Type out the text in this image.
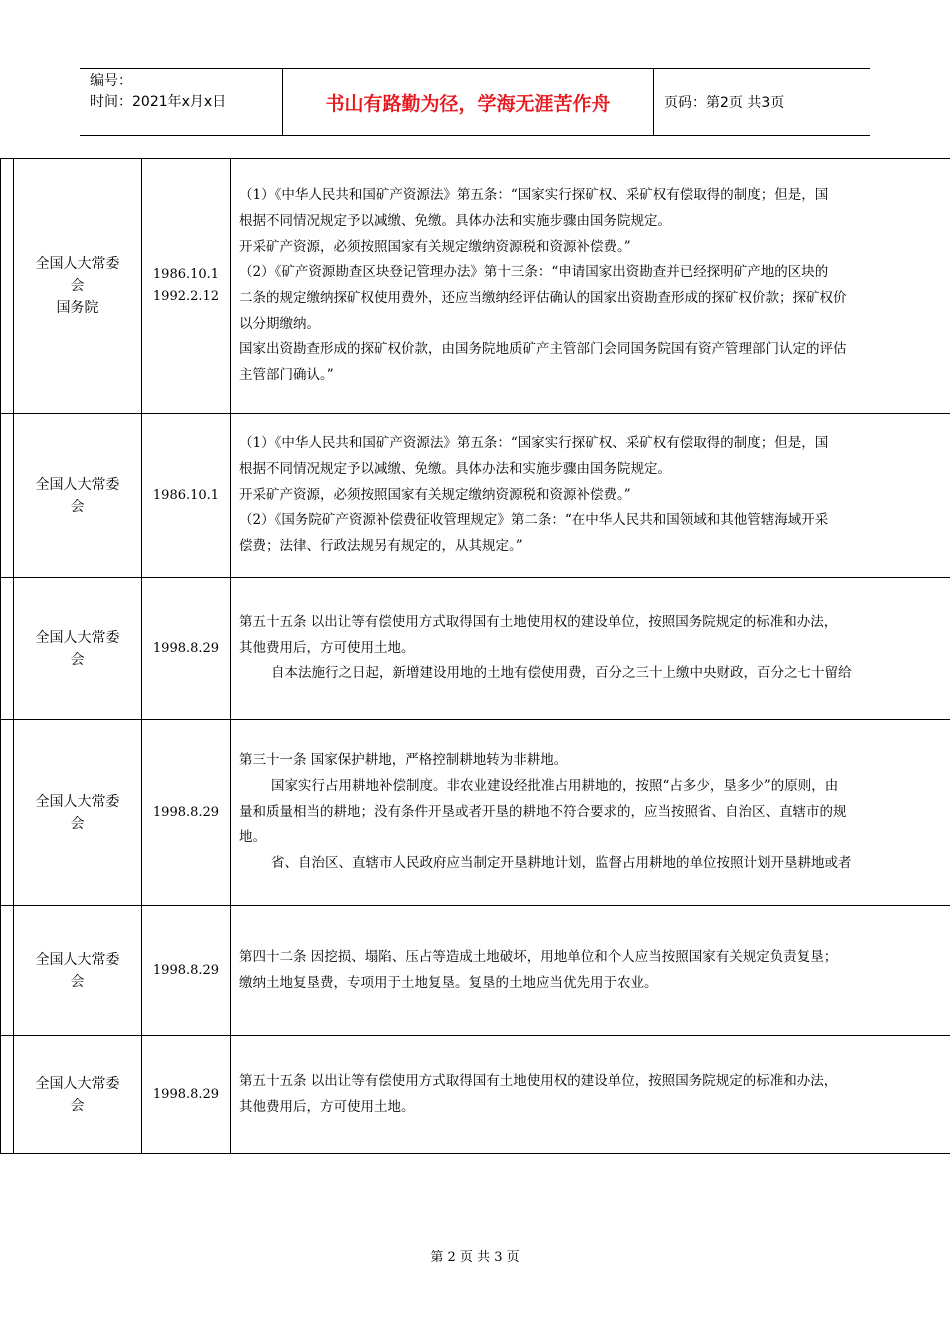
编号：
时间：2021年x月x日	书山有路勤为径，学海无涯苦作舟	页码：第2页 共3页
全国人大常委
会
国务院
1986.10.1
1992.2.12
（1）《中华人民共和国矿产资源法》第五条：“国家实行探矿权、采矿权有偿取得的制度；但是，国
根据不同情况规定予以减缴、免缴。具体办法和实施步骤由国务院规定。
开采矿产资源，必须按照国家有关规定缴纳资源税和资源补偿费。”
（2）《矿产资源勘查区块登记管理办法》第十三条：“申请国家出资勘查并已经探明矿产地的区块的
二条的规定缴纳探矿权使用费外，还应当缴纳经评估确认的国家出资勘查形成的探矿权价款；探矿权价
以分期缴纳。
国家出资勘查形成的探矿权价款，由国务院地质矿产主管部门会同国务院国有资产管理部门认定的评估
主管部门确认。”
全国人大常委
会
1986.10.1
（1）《中华人民共和国矿产资源法》第五条：“国家实行探矿权、采矿权有偿取得的制度；但是，国
根据不同情况规定予以减缴、免缴。具体办法和实施步骤由国务院规定。
开采矿产资源，必须按照国家有关规定缴纳资源税和资源补偿费。”
（2）《国务院矿产资源补偿费征收管理规定》第二条：“在中华人民共和国领域和其他管辖海域开采
偿费；法律、行政法规另有规定的，从其规定。”
全国人大常委
会
1998.8.29
第五十五条 以出让等有偿使用方式取得国有土地使用权的建设单位，按照国务院规定的标准和办法，
其他费用后，方可使用土地。
自本法施行之日起，新增建设用地的土地有偿使用费，百分之三十上缴中央财政，百分之七十留给
全国人大常委
会
1998.8.29
第三十一条 国家保护耕地，严格控制耕地转为非耕地。
国家实行占用耕地补偿制度。非农业建设经批准占用耕地的，按照“占多少，垦多少”的原则，由
量和质量相当的耕地；没有条件开垦或者开垦的耕地不符合要求的，应当按照省、自治区、直辖市的规
地。
省、自治区、直辖市人民政府应当制定开垦耕地计划，监督占用耕地的单位按照计划开垦耕地或者
全国人大常委
会
1998.8.29
第四十二条 因挖损、塌陷、压占等造成土地破坏，用地单位和个人应当按照国家有关规定负责复垦；
缴纳土地复垦费，专项用于土地复垦。复垦的土地应当优先用于农业。
全国人大常委
会
1998.8.29
第五十五条 以出让等有偿使用方式取得国有土地使用权的建设单位，按照国务院规定的标准和办法，
其他费用后，方可使用土地。
第 2 页 共 3 页
